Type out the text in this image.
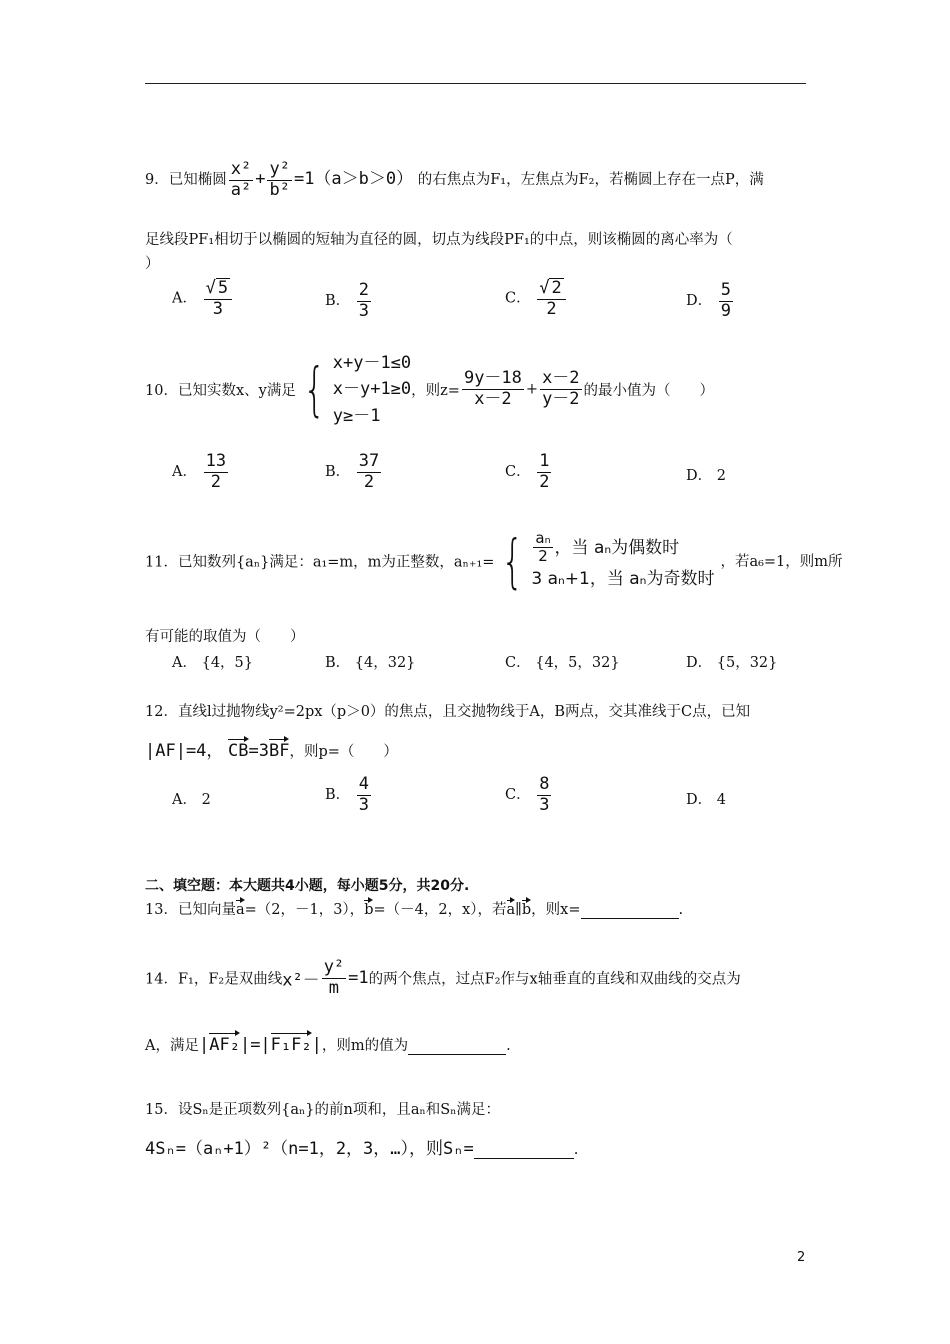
9．已知椭圆 $\frac{\text{x²}}{\text{a²}} + \frac{\text{y²}}{\text{b²}} =1(a>b>0)$ 的右焦点为F₁，左焦点为F₂，若椭圆上存在一点P，满
足线段PF₁相切于以椭圆的短轴为直径的圆，切点为线段PF₁的中点，则该椭圆的离心率为（
）
A． $\frac{√ 5}{3}$	B． $\frac{2}{3}$	C． $\frac{√ 2}{2}$	D． $\frac{5}{9}$
10．已知实数x、y满足 { x+y－1≤0
x－y+1≥0
y≥－1
，则$z= \frac{9y-18}{x-2} + \frac{x-2}{y-2}$ 的最小值为（　　）
A． $\frac{13}{2}$	B． $\frac{37}{2}$	C． $\frac{1}{2}$	D． 2
11．已知数列{aₙ}满足：a₁=m，m为正整数，aₙ₊₁= { $\frac{\text{aₙ}}{2}$ ，当 aₙ为偶数时
3 aₙ+1，当 aₙ为奇数时
，若a₆=1，则m所
有可能的取值为（　　）
A． {4，5}	B． {4，32}	C． {4，5，32}	D． {5，32}
12．直线l过抛物线y²=2px（p＞0）的焦点，且交抛物线于A，B两点，交其准线于C点，已知
|AF|=4， CB=3BF，则p=（　　）
A． 2	B． $\frac{4}{3}$	C． $\frac{8}{3}$	D． 4
二、填空题：本大题共4小题，每小题5分，共20分.
13．已知向量a=（2，－1，3），b=（－4，2，x），若a∥b，则x=	.
14．F₁，F₂是双曲线$x^2- \frac{\text{y²}}{m} =1$的两个焦点，过点F₂作与x轴垂直的直线和双曲线的交点为
A，满足|AF₂|=|F₁F₂|，则m的值为	.
15．设Sₙ是正项数列{aₙ}的前n项和，且aₙ和Sₙ满足：
4Sₙ=（aₙ+1）²（n=1，2，3，…），则Sₙ=	.
2
